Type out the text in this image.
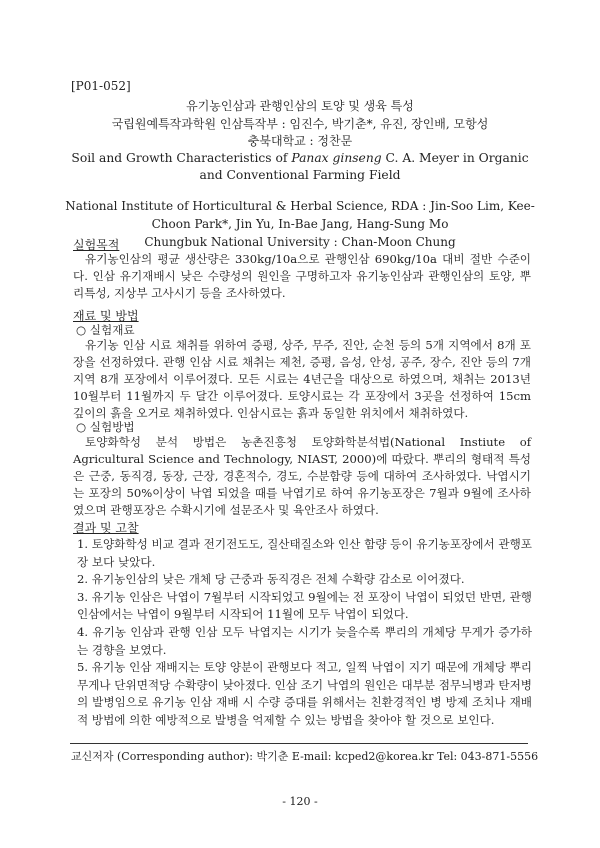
[P01-052]
유기농인삼과 관행인삼의 토양 및 생육 특성
국립원예특작과학원 인삼특작부 : 임진수, 박기춘*, 유진, 장인배, 모항성
충북대학교 : 정찬문
Soil and Growth Characteristics of Panax ginseng C. A. Meyer in Organic and Conventional Farming Field
National Institute of Horticultural & Herbal Science, RDA : Jin-Soo Lim, Kee-Choon Park*, Jin Yu, In-Bae Jang, Hang-Sung Mo
Chungbuk National University : Chan-Moon Chung
실험목적
유기농인삼의 평균 생산량은 330kg/10a으로 관행인삼 690kg/10a 대비 절반 수준이다. 인삼 유기재배시 낮은 수량성의 원인을 구명하고자 유기농인삼과 관행인삼의 토양, 뿌리특성, 지상부 고사시기 등을 조사하였다.
재료 및 방법
○ 실험재료
유기농 인삼 시료 채취를 위하여 증평, 상주, 무주, 진안, 순천 등의 5개 지역에서 8개 포장을 선정하였다. 관행 인삼 시료 채취는 제천, 증평, 음성, 안성, 공주, 장수, 진안 등의 7개 지역 8개 포장에서 이루어졌다. 모든 시료는 4년근을 대상으로 하였으며, 채취는 2013년 10월부터 11월까지 두 달간 이루어졌다. 토양시료는 각 포장에서 3곳을 선정하여 15cm 깊이의 흙을 오거로 채취하였다. 인삼시료는 흙과 동일한 위치에서 채취하였다.
○ 실험방법
토양화학성 분석 방법은 농촌진흥청 토양화학분석법(National Instiute of Agricultural Science and Technology, NIAST, 2000)에 따랐다. 뿌리의 형태적 특성은 근중, 동직경, 동장, 근장, 경혼적수, 경도, 수분함량 등에 대하여 조사하였다. 낙엽시기는 포장의 50%이상이 낙엽 되었을 때를 낙엽기로 하여 유기농포장은 7월과 9월에 조사하였으며 관행포장은 수확시기에 설문조사 및 육안조사 하였다.
결과 및 고찰
1. 토양화학성 비교 결과 전기전도도, 질산태질소와 인산 함량 등이 유기농포장에서 관행포장 보다 낮았다.
2. 유기농인삼의 낮은 개체 당 근중과 동직경은 전체 수확량 감소로 이어졌다.
3. 유기농 인삼은 낙엽이 7월부터 시작되었고 9월에는 전 포장이 낙엽이 되었던 반면, 관행인삼에서는 낙엽이 9월부터 시작되어 11월에 모두 낙엽이 되었다.
4. 유기농 인삼과 관행 인삼 모두 낙엽지는 시기가 늦을수록 뿌리의 개체당 무게가 증가하는 경향을 보였다.
5. 유기농 인삼 재배지는 토양 양분이 관행보다 적고, 일찍 낙엽이 지기 때문에 개체당 뿌리 무게나 단위면적당 수확량이 낮아졌다. 인삼 조기 낙엽의 원인은 대부분 점무늬병과 탄저병의 발병임으로 유기농 인삼 재배 시 수량 증대를 위해서는 친환경적인 병 방제 조치나 재배적 방법에 의한 예방적으로 발병을 억제할 수 있는 방법을 찾아야 할 것으로 보인다.
교신저자 (Corresponding author): 박기춘 E-mail: kcped2@korea.kr Tel: 043-871-5556
- 120 -
